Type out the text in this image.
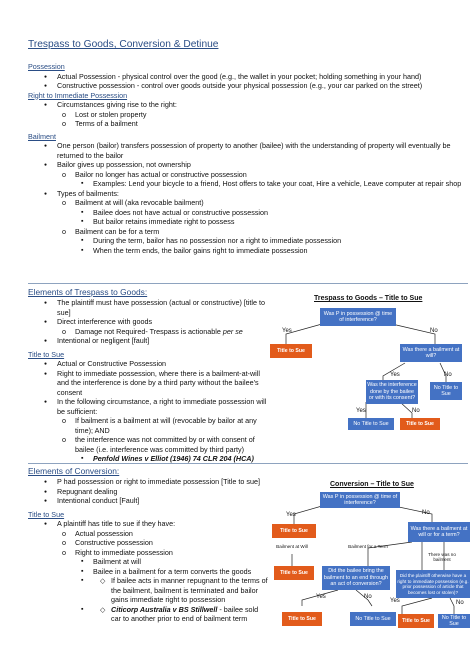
Trespass to Goods, Conversion & Detinue
Possession
● Actual Possession - physical control over the good (e.g., the wallet in your pocket; holding something in your hand)
● Constructive possession - control over goods outside your physical possession (e.g., your car parked on the street)
Right to Immediate Possession
● Circumstances giving rise to the right:
o Lost or stolen property
o Terms of a bailment
Bailment
● One person (bailor) transfers possession of property to another (bailee) with the understanding of property will eventually be returned to the bailor
● Bailor gives up possession, not ownership
o Bailor no longer has actual or constructive possession
▪ Examples: Lend your bicycle to a friend, Host offers to take your coat, Hire a vehicle, Leave computer at repair shop
● Types of bailments:
o Bailment at will (aka revocable bailment)
▪ Bailee does not have actual or constructive possession
▪ But bailor retains immediate right to possess
o Bailment can be for a term
▪ During the term, bailor has no possession nor a right to immediate possession
▪ When the term ends, the bailor gains right to immediate possession
Elements of Trespass to Goods:
● The plaintiff must have possession (actual or constructive) [title to sue]
● Direct interference with goods
o Damage not Required- Trespass is actionable per se
● Intentional or negligent [fault]
Title to Sue
● Actual or Constructive Possession
● Right to immediate possession, where there is a bailment-at-will and the interference is done by a third party without the bailee’s consent
● In the following circumstance, a right to immediate possession will be sufficient:
o If bailment is a bailment at will (revocable by bailor at any time); AND
o the interference was not committed by or with consent of bailee (i.e. interference was committed by third party)
▪ Penfold Wines v Elliot (1946) 74 CLR 204 (HCA)
Elements of Conversion:
● P had possession or right to immediate possession [Title to sue]
● Repugnant dealing
● Intentional conduct [Fault]
Title to Sue
● A plaintiff has title to sue if they have:
o Actual possession
o Constructive possession
o Right to immediate possession
▪ Bailment at will
▪ Bailee in a bailment for a term converts the goods
▪ ◇ If bailee acts in manner repugnant to the terms of the bailment, bailment is terminated and bailor gains immediate right to possession
▪ ◇ Citicorp Australia v BS Stillwell - bailee sold car to another prior to end of bailment term
Trespass to Goods – Title to Sue
Was P in possession @ time of interference?
Yes	No
Title to Sue	Was there a bailment at will?
Yes	No
Was the interference done by the bailee or with its consent?
No Title to Sue
Yes	No
No Title to Sue	Title to Sue
Conversion – Title to Sue
Was P in possession @ time of interference?
Yes	No
Title to Sue	Was there a bailment at will or for a term?
Bailment at Will	Bailment for a Term
There was no bailment
Title to Sue	Did the bailee bring the bailment to an end through an act of conversion?
Did the plaintiff otherwise have a right to immediate possession (e.g. prior possession of article that becomes lost or stolen)?
Yes	No
Yes	No
Title to Sue	No Title to Sue	Title to Sue
No Title to Sue
